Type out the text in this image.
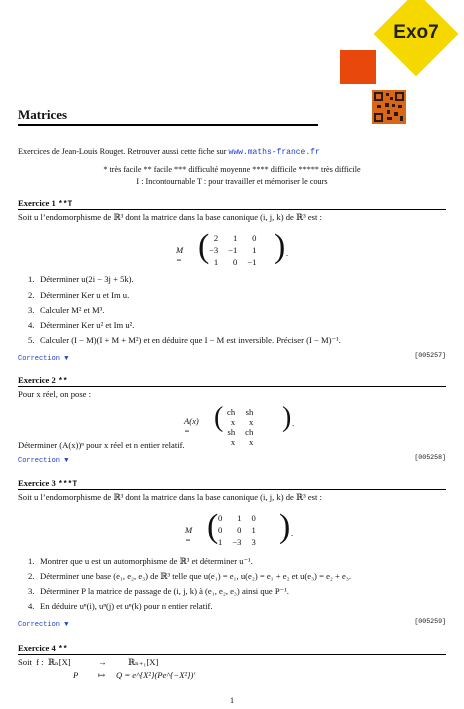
Exo7
Matrices
Exercices de Jean-Louis Rouget. Retrouver aussi cette fiche sur www.maths-france.fr
* très facile ** facile *** difficulté moyenne **** difficile ***** très difficile
I : Incontournable T : pour travailler et mémoriser le cours
Exercice 1 **T
Soit u l’endomorphisme de ℝ³ dont la matrice dans la base canonique (i, j, k) de ℝ³ est :
M = ( 2	1	0
−3	−1	1
1	0	−1 ) .
1. Déterminer u(2i − 3j + 5k).
2. Déterminer Ker u et Im u.
3. Calculer M² et M³.
4. Déterminer Ker u² et Im u².
5. Calculer (I − M)(I + M + M²) et en déduire que I − M est inversible. Préciser (I − M)⁻¹.
Correction ▼	[005257]
Exercice 2 **
Pour x réel, on pose :
A(x) = ( ch x	sh x
sh x	ch x
) .
Déterminer (A(x))ⁿ pour x réel et n entier relatif.
Correction ▼	[005258]
Exercice 3 ***T
Soit u l’endomorphisme de ℝ³ dont la matrice dans la base canonique (i, j, k) de ℝ³ est :
M = ( 0	1	0
0	0	1
1	−3	3 ) .
1. Montrer que u est un automorphisme de ℝ³ et déterminer u⁻¹.
2. Déterminer une base (e₁, e₂, e₃) de ℝ³ telle que u(e₁) = e₁, u(e₂) = e₁ + e₂ et u(e₃) = e₂ + e₃.
3. Déterminer P la matrice de passage de (i, j, k) à (e₁, e₂, e₃) ainsi que P⁻¹.
4. En déduire uⁿ(i), uⁿ(j) et uⁿ(k) pour n entier relatif.
Correction ▼	[005259]
Exercice 4 **
Soit  f :  ℝₙ[X]	→ ℝₙ₊₁[X]
P ↦ Q = e^{X²}(Pe^{−X²})′
1
